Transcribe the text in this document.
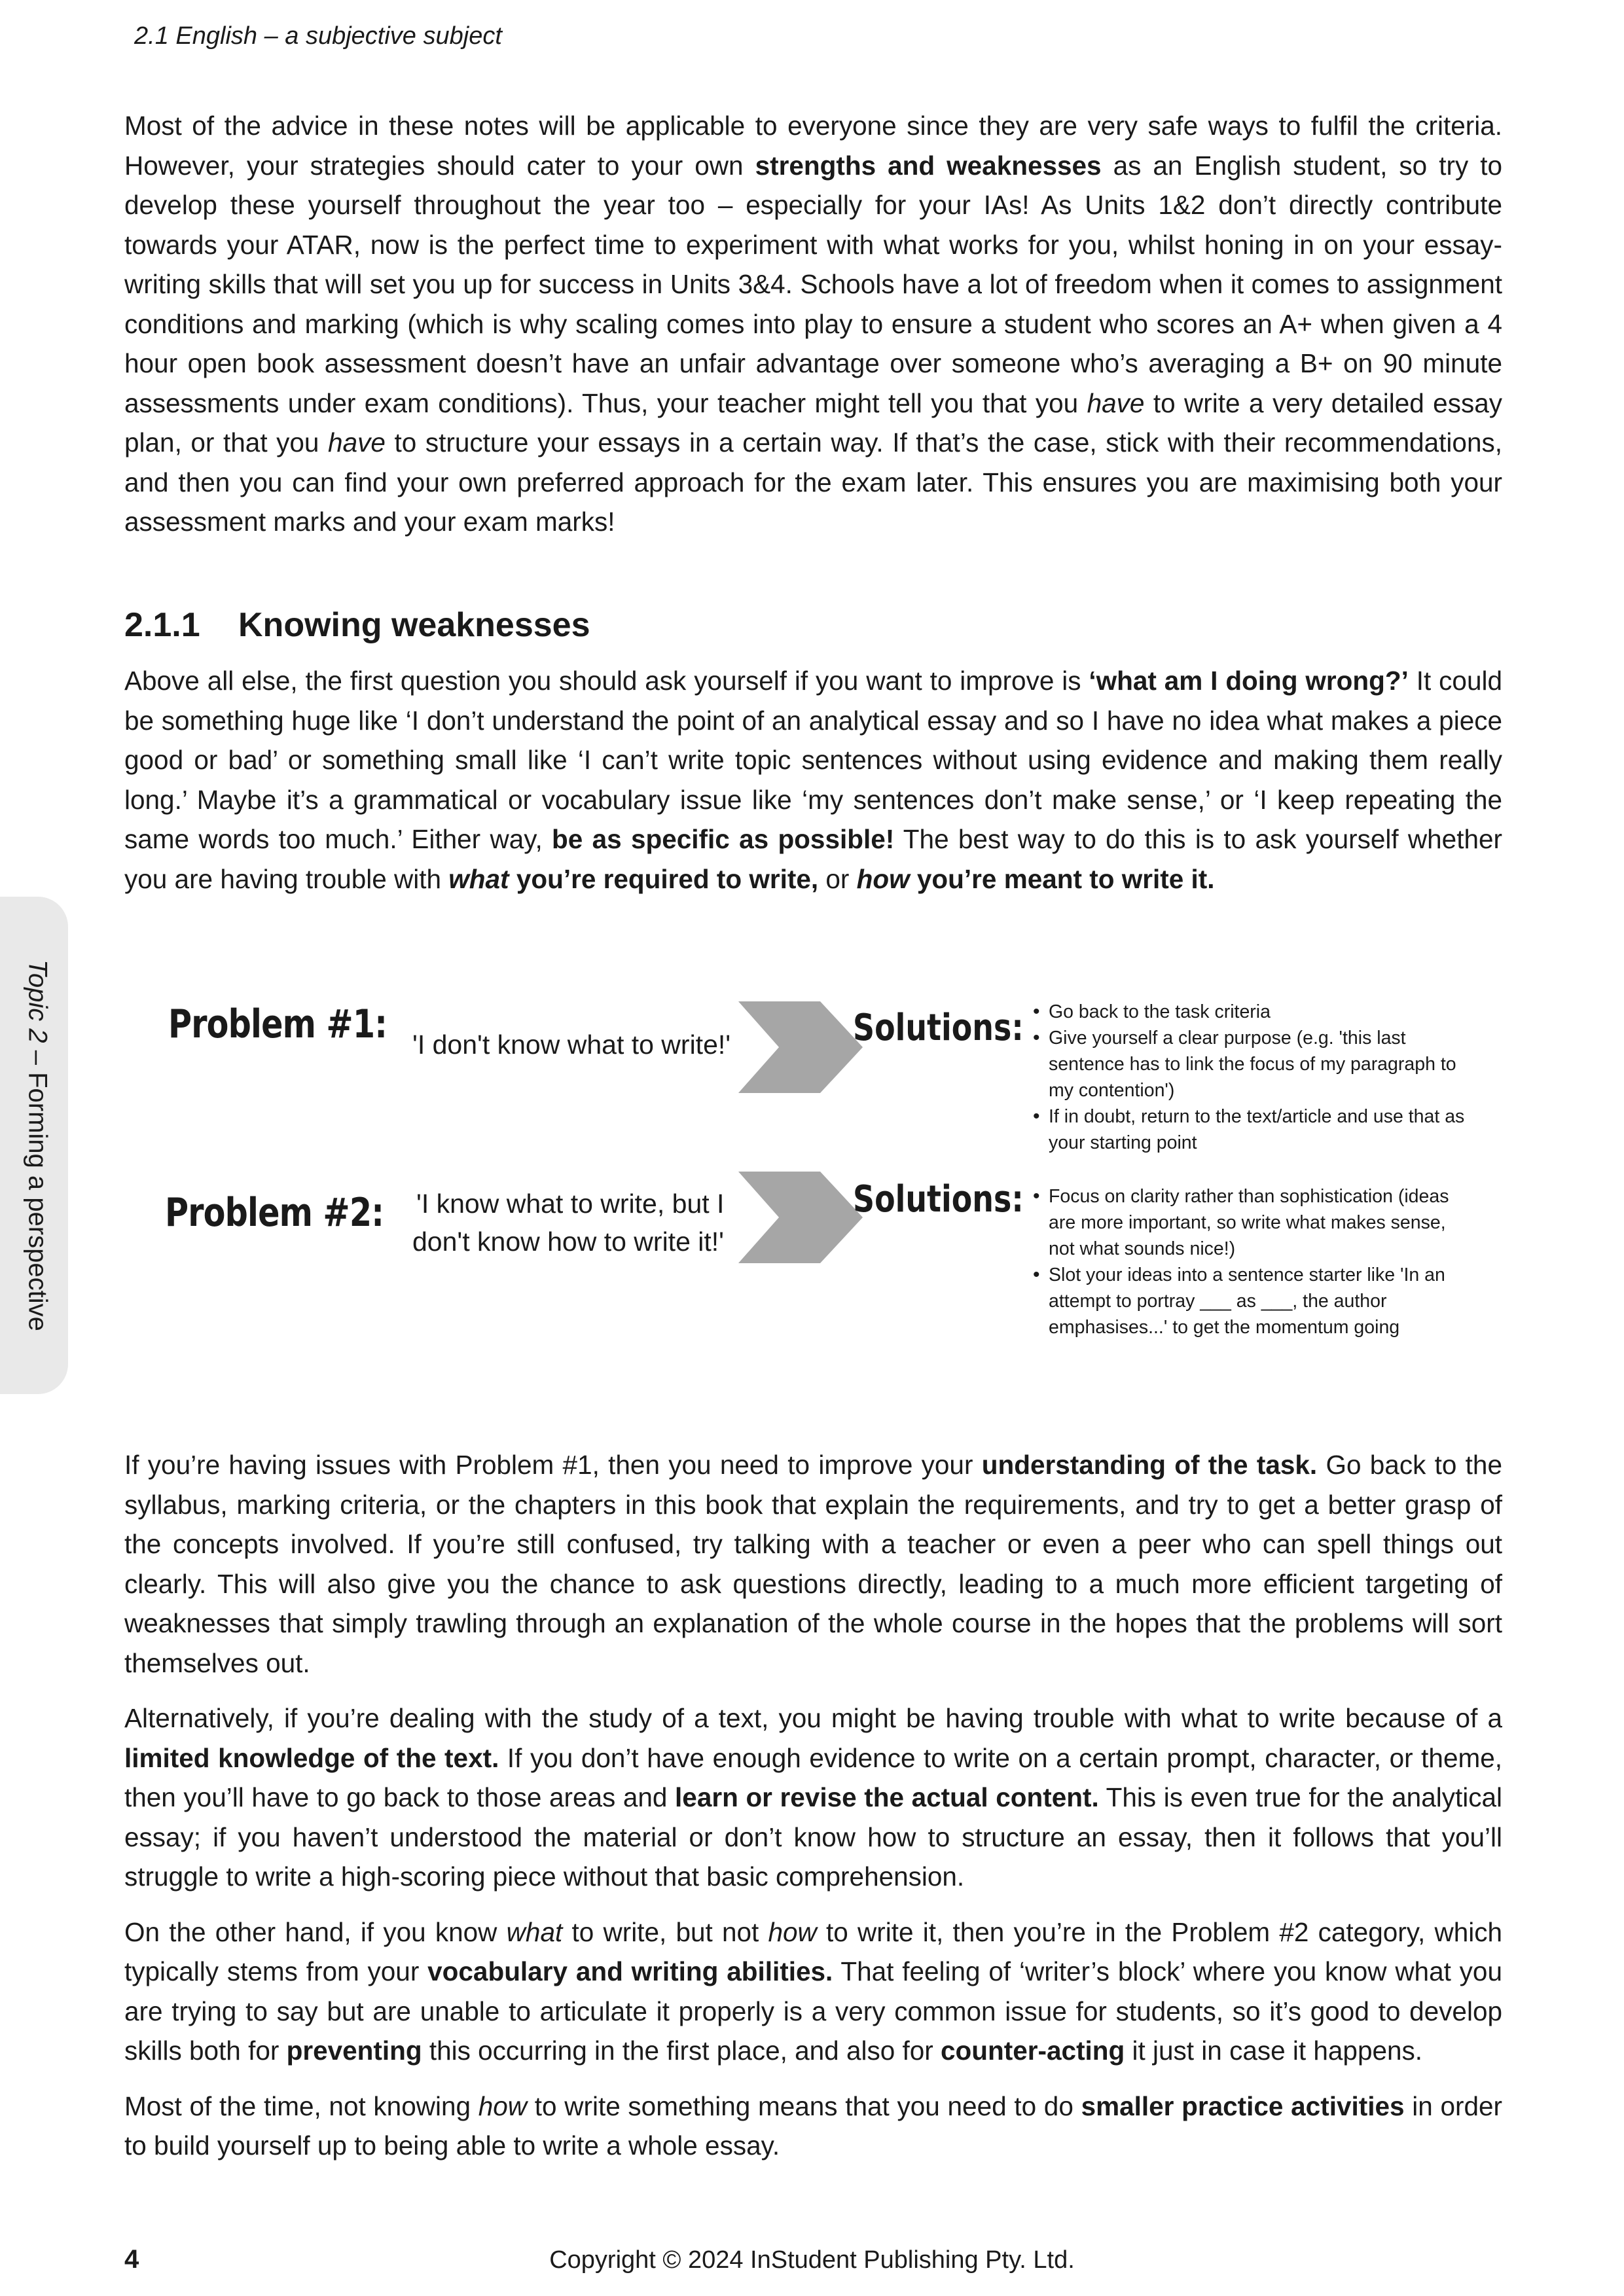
2.1 English – a subjective subject
Topic 2 – Forming a perspective

Most of the advice in these notes will be applicable to everyone since they are very safe ways to fulfil the criteria. However, your strategies should cater to your own strengths and weaknesses as an English student, so try to develop these yourself throughout the year too – especially for your IAs! As Units 1&2 don’t directly contribute towards your ATAR, now is the perfect time to experiment with what works for you, whilst honing in on your essay-writing skills that will set you up for success in Units 3&4. Schools have a lot of freedom when it comes to assignment conditions and marking (which is why scaling comes into play to ensure a student who scores an A+ when given a 4 hour open book assessment doesn’t have an unfair advantage over someone who’s averaging a B+ on 90 minute assessments under exam conditions). Thus, your teacher might tell you that you have to write a very detailed essay plan, or that you have to structure your essays in a certain way. If that’s the case, stick with their recommendations, and then you can find your own preferred approach for the exam later. This ensures you are maximising both your assessment marks and your exam marks!

2.1.1 Knowing weaknesses

Above all else, the first question you should ask yourself if you want to improve is ‘what am I doing wrong?’ It could be something huge like ‘I don’t understand the point of an analytical essay and so I have no idea what makes a piece good or bad’ or something small like ‘I can’t write topic sentences without using evidence and making them really long.’ Maybe it’s a grammatical or vocabulary issue like ‘my sentences don’t make sense,’ or ‘I keep repeating the same words too much.’ Either way, be as specific as possible! The best way to do this is to ask yourself whether you are having trouble with what you’re required to write, or how you’re meant to write it.

Problem #1: 'I don't know what to write!'	Solutions:	• Go back to the task criteria
• Give yourself a clear purpose (e.g. 'this last sentence has to link the focus of my paragraph to my contention')
• If in doubt, return to the text/article and use that as your starting point
Problem #2: 'I know what to write, but I
don't know how to write it!'
Solutions:	• Focus on clarity rather than sophistication (ideas are more important, so write what makes sense, not what sounds nice!)
• Slot your ideas into a sentence starter like 'In an attempt to portray ___ as ___, the author emphasises...' to get the momentum going

If you’re having issues with Problem #1, then you need to improve your understanding of the task. Go back to the syllabus, marking criteria, or the chapters in this book that explain the requirements, and try to get a better grasp of the concepts involved. If you’re still confused, try talking with a teacher or even a peer who can spell things out clearly. This will also give you the chance to ask questions directly, leading to a much more efficient targeting of weaknesses that simply trawling through an explanation of the whole course in the hopes that the problems will sort themselves out.

Alternatively, if you’re dealing with the study of a text, you might be having trouble with what to write because of a limited knowledge of the text. If you don’t have enough evidence to write on a certain prompt, character, or theme, then you’ll have to go back to those areas and learn or revise the actual content. This is even true for the analytical essay; if you haven’t understood the material or don’t know how to structure an essay, then it follows that you’ll struggle to write a high-scoring piece without that basic comprehension.

On the other hand, if you know what to write, but not how to write it, then you’re in the Problem #2 category, which typically stems from your vocabulary and writing abilities. That feeling of ‘writer’s block’ where you know what you are trying to say but are unable to articulate it properly is a very common issue for students, so it’s good to develop skills both for preventing this occurring in the first place, and also for counter-acting it just in case it happens.

Most of the time, not knowing how to write something means that you need to do smaller practice activities in order to build yourself up to being able to write a whole essay.

4	Copyright © 2024 InStudent Publishing Pty. Ltd.
